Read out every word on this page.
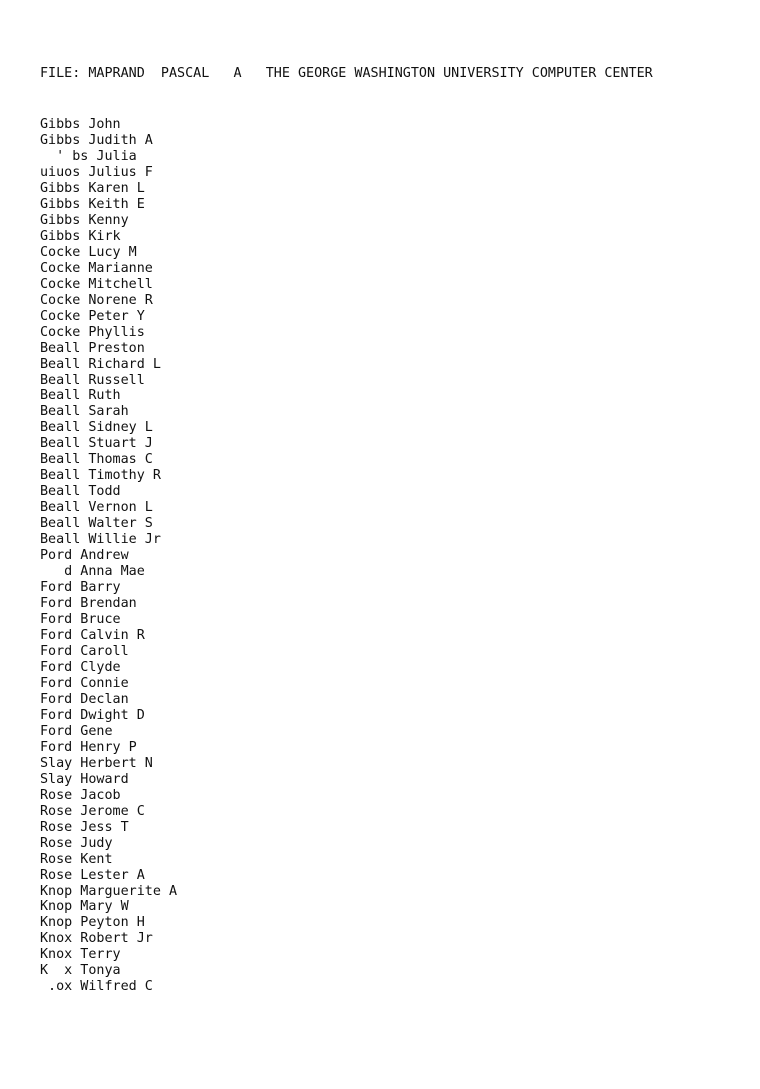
FILE: MAPRAND  PASCAL   A   THE GEORGE WASHINGTON UNIVERSITY COMPUTER CENTER
Gibbs John
Gibbs Judith A
' bs Julia
uiuos Julius F
Gibbs Karen L
Gibbs Keith E
Gibbs Kenny
Gibbs Kirk
Cocke Lucy M
Cocke Marianne
Cocke Mitchell
Cocke Norene R
Cocke Peter Y
Cocke Phyllis
Beall Preston
Beall Richard L
Beall Russell
Beall Ruth
Beall Sarah
Beall Sidney L
Beall Stuart J
Beall Thomas C
Beall Timothy R
Beall Todd
Beall Vernon L
Beall Walter S
Beall Willie Jr
Pord Andrew
d Anna Mae
Ford Barry
Ford Brendan
Ford Bruce
Ford Calvin R
Ford Caroll
Ford Clyde
Ford Connie
Ford Declan
Ford Dwight D
Ford Gene
Ford Henry P
Slay Herbert N
Slay Howard
Rose Jacob
Rose Jerome C
Rose Jess T
Rose Judy
Rose Kent
Rose Lester A
Knop Marguerite A
Knop Mary W
Knop Peyton H
Knox Robert Jr
Knox Terry
K  x Tonya
.ox Wilfred C
